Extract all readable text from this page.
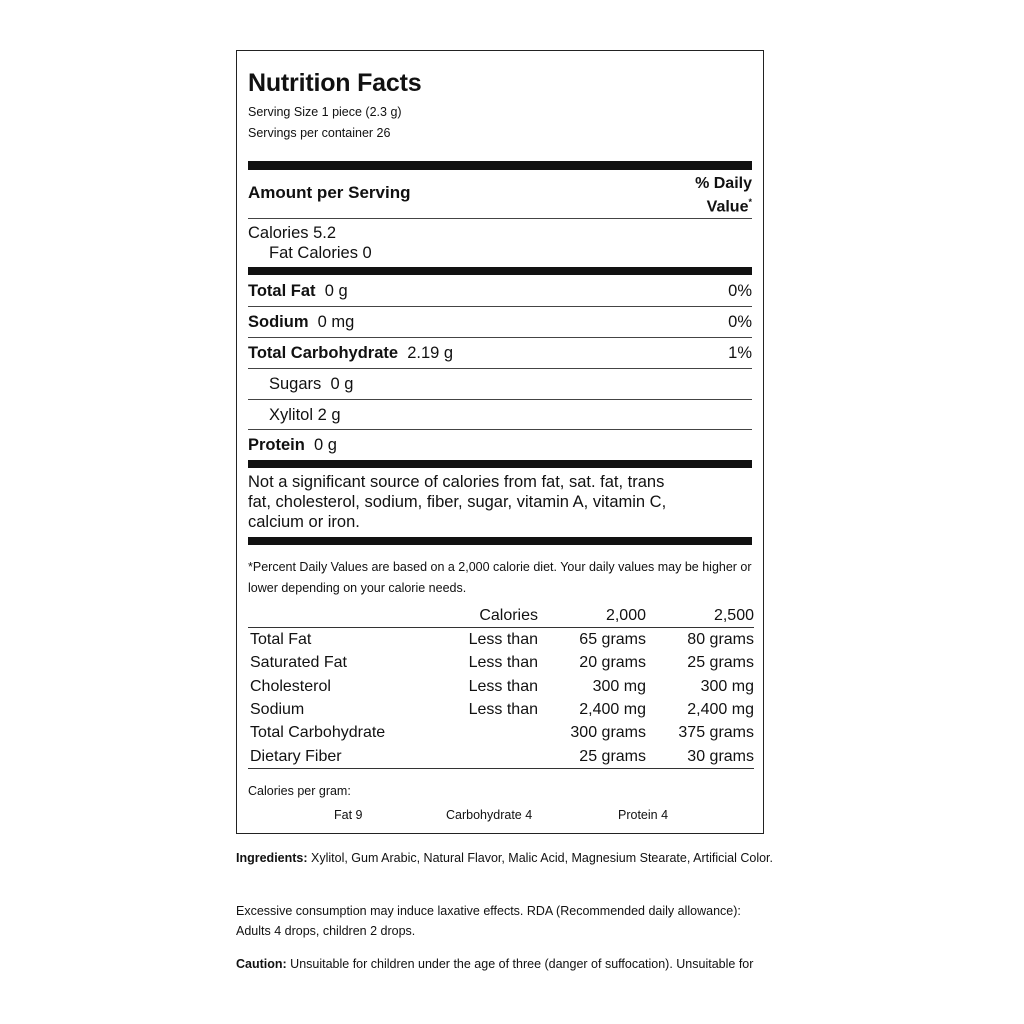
Nutrition Facts
Serving Size 1 piece (2.3 g)
Servings per container 26
Amount per Serving	% Daily
Value*
Calories 5.2
Fat Calories 0
Total Fat 0 g	0%
Sodium 0 mg	0%
Total Carbohydrate 2.19 g	1%
Sugars 0 g
Xylitol 2 g
Protein 0 g
Not a significant source of calories from fat, sat. fat, trans fat, cholesterol, sodium, fiber, sugar, vitamin A, vitamin C, calcium or iron.
*Percent Daily Values are based on a 2,000 calorie diet. Your daily values may be higher or lower depending on your calorie needs.
	Calories	2,000	2,500
Total Fat	Less than	65 grams	80 grams
Saturated Fat	Less than	20 grams	25 grams
Cholesterol	Less than	300 mg	300 mg
Sodium	Less than	2,400 mg	2,400 mg
Total Carbohydrate		300 grams	375 grams
Dietary Fiber		25 grams	30 grams
Calories per gram:
Fat 9	Carbohydrate 4	Protein 4
Ingredients: Xylitol, Gum Arabic, Natural Flavor, Malic Acid, Magnesium Stearate, Artificial Color.
Excessive consumption may induce laxative effects. RDA (Recommended daily allowance): Adults 4 drops, children 2 drops.
Caution: Unsuitable for children under the age of three (danger of suffocation). Unsuitable for
